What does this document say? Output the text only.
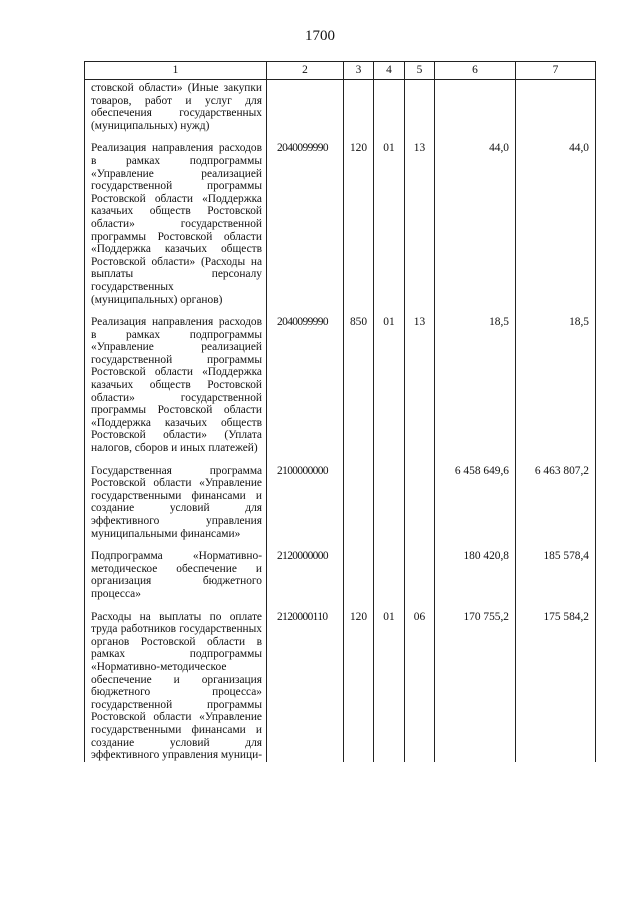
1700
1	2	3	4	5	6	7
стовской области» (Иные закупки товаров, работ и услуг для обеспечения государственных (муниципальных) нужд)						
Реализация направления расходов в рамках подпрограммы «Управление реализацией государственной программы Ростовской области «Поддержка казачьих обществ Ростовской области» государственной программы Ростовской области «Поддержка казачьих обществ Ростовской области» (Расходы на выплаты персоналу государственных (муниципальных) органов)	2040099990	120	01	13	44,0	44,0
Реализация направления расходов в рамках подпрограммы «Управление реализацией государственной программы Ростовской области «Поддержка казачьих обществ Ростовской области» государственной программы Ростовской области «Поддержка казачьих обществ Ростовской области» (Уплата налогов, сборов и иных платежей)	2040099990	850	01	13	18,5	18,5
Государственная программа Ростовской области «Управление государственными финансами и создание условий для эффективного управления муниципальными финансами»	2100000000				6 458 649,6	6 463 807,2
Подпрограмма «Нормативно-методическое обеспечение и организация бюджетного процесса»	2120000000				180 420,8	185 578,4
Расходы на выплаты по оплате труда работников государственных органов Ростовской области в рамках подпрограммы «Нормативно-методическое обеспечение и организация бюджетного процесса» государственной программы Ростовской области «Управление государственными финансами и создание условий для эффективного управления муници-	2120000110	120	01	06	170 755,2	175 584,2
